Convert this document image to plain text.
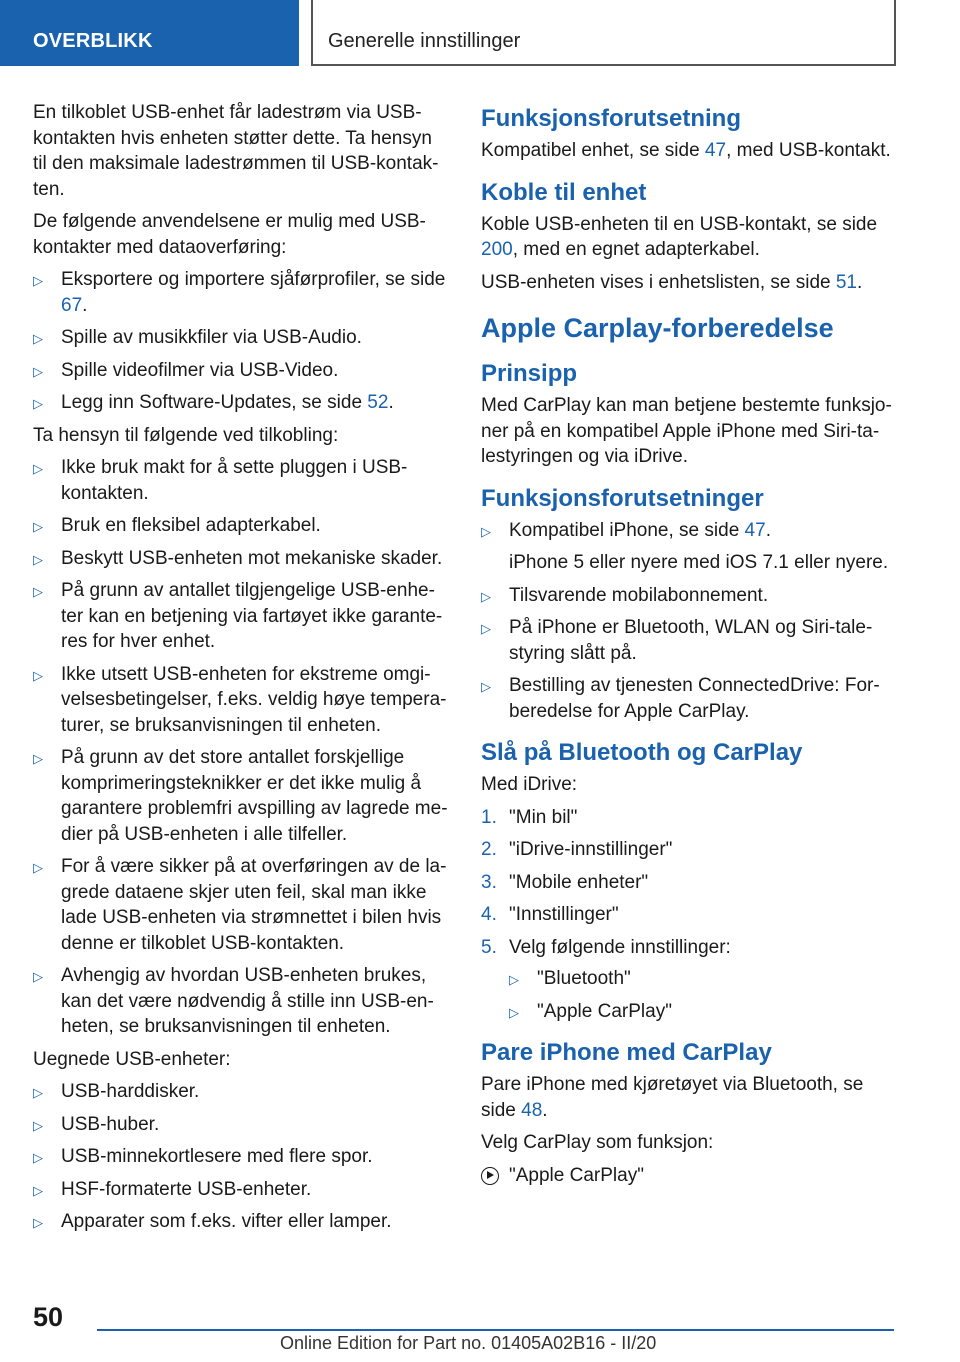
OVERBLIKK	Generelle innstillinger

En tilkoblet USB-enhet får ladestrøm via USB-kontakten hvis enheten støtter dette. Ta hensyn til den maksimale ladestrømmen til USB-kontak-ten.

De følgende anvendelsene er mulig med USB-kontakter med dataoverføring:

▷ Eksportere og importere sjåførprofiler, se side 67.
▷ Spille av musikkfiler via USB-Audio.
▷ Spille videofilmer via USB-Video.
▷ Legg inn Software-Updates, se side 52.

Ta hensyn til følgende ved tilkobling:

▷ Ikke bruk makt for å sette pluggen i USB-kontakten.
▷ Bruk en fleksibel adapterkabel.
▷ Beskytt USB-enheten mot mekaniske skader.
▷ På grunn av antallet tilgjengelige USB-enhe-ter kan en betjening via fartøyet ikke garante-res for hver enhet.
▷ Ikke utsett USB-enheten for ekstreme omgi-velsesbetingelser, f.eks. veldig høye tempera-turer, se bruksanvisningen til enheten.
▷ På grunn av det store antallet forskjellige komprimeringsteknikker er det ikke mulig å garantere problemfri avspilling av lagrede me-dier på USB-enheten i alle tilfeller.
▷ For å være sikker på at overføringen av de la-grede dataene skjer uten feil, skal man ikke lade USB-enheten via strømnettet i bilen hvis denne er tilkoblet USB-kontakten.
▷ Avhengig av hvordan USB-enheten brukes, kan det være nødvendig å stille inn USB-en-heten, se bruksanvisningen til enheten.

Uegnede USB-enheter:

▷ USB-harddisker.
▷ USB-huber.
▷ USB-minnekortlesere med flere spor.
▷ HSF-formaterte USB-enheter.
▷ Apparater som f.eks. vifter eller lamper.
Funksjonsforutsetning

Kompatibel enhet, se side 47, med USB-kontakt.

Koble til enhet

Koble USB-enheten til en USB-kontakt, se side 200, med en egnet adapterkabel.

USB-enheten vises i enhetslisten, se side 51.

Apple Carplay-forberedelse
Prinsipp

Med CarPlay kan man betjene bestemte funksjo-ner på en kompatibel Apple iPhone med Siri-ta-lestyringen og via iDrive.

Funksjonsforutsetninger
▷ Kompatibel iPhone, se side 47.
iPhone 5 eller nyere med iOS 7.1 eller nyere.
▷ Tilsvarende mobilabonnement.
▷ På iPhone er Bluetooth, WLAN og Siri-tale-styring slått på.
▷ Bestilling av tjenesten ConnectedDrive: For-beredelse for Apple CarPlay.
Slå på Bluetooth og CarPlay

Med iDrive:

1. "Min bil"
2. "iDrive-innstillinger"
3. "Mobile enheter"
4. "Innstillinger"
5. Velg følgende innstillinger:
▷ "Bluetooth"
▷ "Apple CarPlay"
Pare iPhone med CarPlay

Pare iPhone med kjøretøyet via Bluetooth, se side 48.

Velg CarPlay som funksjon:

"Apple CarPlay"
50
Online Edition for Part no. 01405A02B16 - II/20
